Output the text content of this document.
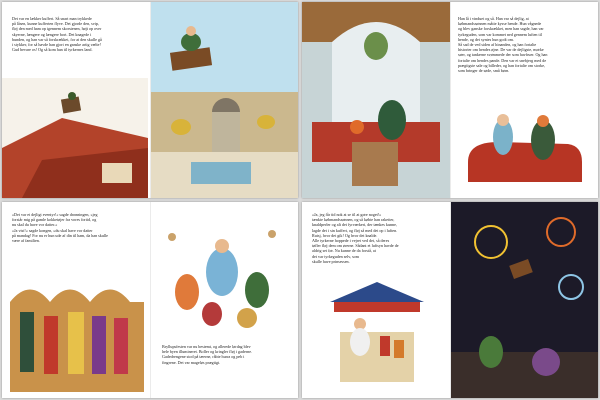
Det var en lækker kuffert. Så snart man trykkede
på låsen, kunne kufferten flyve. Det gjorde den, svip,
fløj den med ham op igennem skorstenen, højt op over
skyerne, længere og længere bort. Det knagede i
bunden, og han var så forskrækket, for at den skulle gå
i stykker, for så havde han gjort en ganske artig vælte!
Gud bevare os! Og så kom han til tyrkernes land.
Han lå i vinduet og så. Han var så dejlig, at
købmandssønnen måtte kysse hende. Hun vågnede
og blev ganske forskrækket, men han sagde, han var
tyrkeguden, som var kommet ned gennem luften til
hende, og det syntes hun godt om.
Så sad de ved siden af hinanden, og han fortalte
historier om hendes øjne. De var de dejligste, mørke
søer, og tankerne svømmede der som havfruer. Og han
fortalte om hendes pande. Den var et snebjerg med de
prægtigste sale og billeder, og han fortalte om storke,
som bringer de søde, små børn.
»Det var et dejligt eventyr!« sagde dronningen, »jeg
forstår mig på gamle kokketøjer fra vores fortid, og
nu skal du have vor datter.«
»Ja vist!« sagde kongen, »du skal have vor datter
på mandag! For nu er hun ude af din til ham, da han skulle
være af familien.
Bryllupsfesten var nu bestemt, og allerede lørdag blev
hele byen illumineret. Boller og kringler fløj i gaderne.
Gadedrengene stod på tæerne, råbte hurra og peb i
fingrene. Det var mageløs prægtigt.
»Ja, jeg får tid nok at se til at gøre noget!«
tænkte købmandssønnen, og så købte han raketter,
knaldperler og alt det fyrværkeri, der tænkes kunne,
lagde det i sin kuffert, og fløj så med det op i luften.
Rutsj, hvor det gik! Og hvor det knalde.
Alle tyrkerne hoppede i vejret ved det, så deres
tøfler fløj dem om ørerne. Sådant et luftsyn havde de
aldrig set før. Nu kunne de da forstå, at
det var tyrkeguden selv, som
skulle have prinsessen.
